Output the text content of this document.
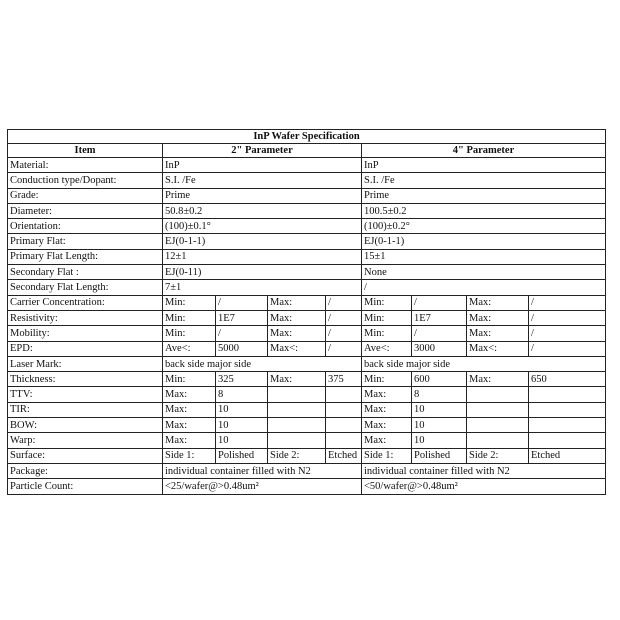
InP Wafer Specification								
Item	2" Parameter				4" Parameter			
Material:	InP				InP			
Conduction type/Dopant:	S.I. /Fe				S.I. /Fe			
Grade:	Prime				Prime			
Diameter:	50.8±0.2				100.5±0.2			
Orientation:	(100)±0.1°				(100)±0.2°			
Primary Flat:	EJ(0-1-1)				EJ(0-1-1)			
Primary Flat Length:	12±1				15±1			
Secondary Flat :	EJ(0-11)				None			
Secondary Flat Length:	7±1				/			
Carrier Concentration:	Min:	/	Max:	/	Min:	/	Max:	/
Resistivity:	Min:	1E7	Max:	/	Min:	1E7	Max:	/
Mobility:	Min:	/	Max:	/	Min:	/	Max:	/
EPD:	Ave<:	5000	Max<:	/	Ave<:	3000	Max<:	/
Laser Mark:	back side major side				back side major side			
Thickness:	Min:	325	Max:	375	Min:	600	Max:	650
TTV:	Max:	8			Max:	8		
TIR:	Max:	10			Max:	10		
BOW:	Max:	10			Max:	10		
Warp:	Max:	10			Max:	10		
Surface:	Side 1:	Polished	Side 2:	Etched	Side 1:	Polished	Side 2:	Etched
Package:	individual container filled with N2				individual container filled with N2			
Particle Count:	<25/wafer@>0.48um²				<50/wafer@>0.48um²			
